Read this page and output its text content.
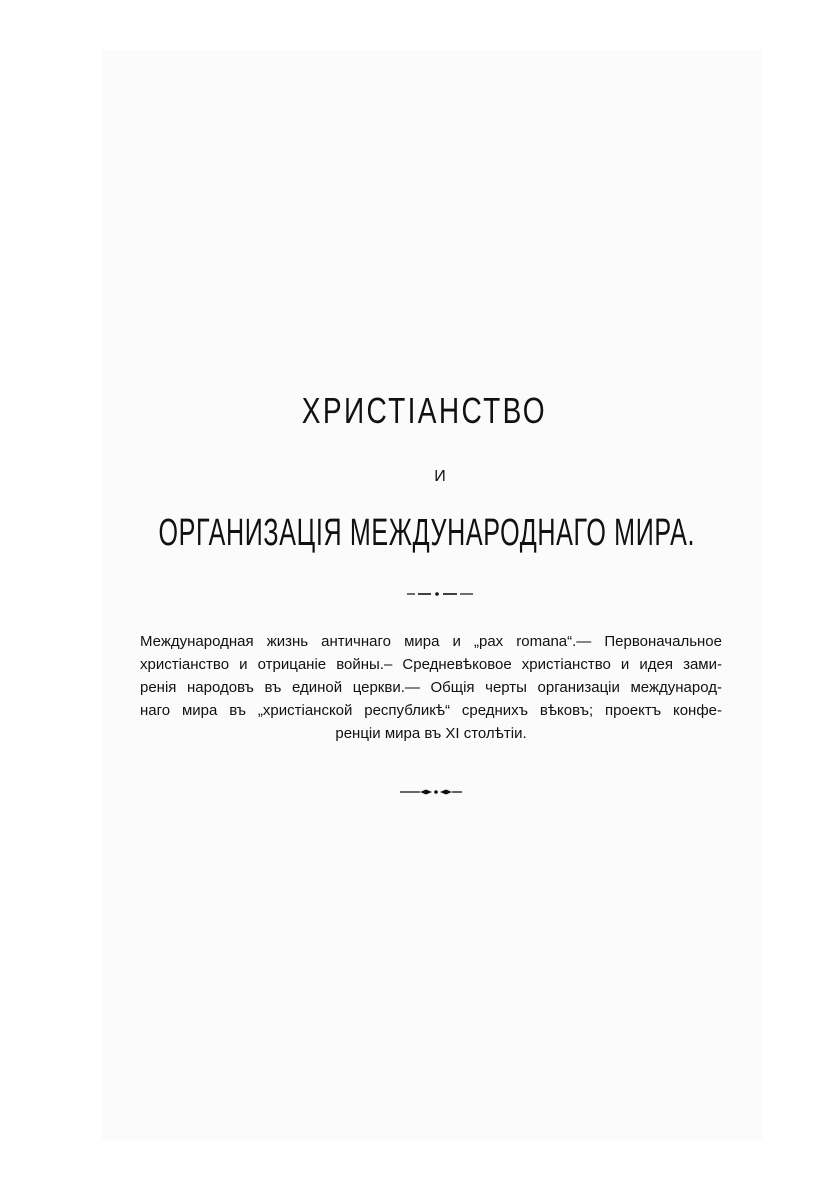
ХРИСТІАНСТВО
И
ОРГАНИЗАЦІЯ МЕЖДУНАРОДНАГО МИРА.
Международная жизнь античнаго мира и „pax romana“.— Первоначальное
христіанство и отрицаніе войны.– Средневѣковое христіанство и идея зами-
ренія народовъ въ единой церкви.— Общія черты организаціи международ-
наго мира въ „христіанской республикѣ“ среднихъ вѣковъ; проектъ конфе-
ренціи мира въ XI столѣтіи.
